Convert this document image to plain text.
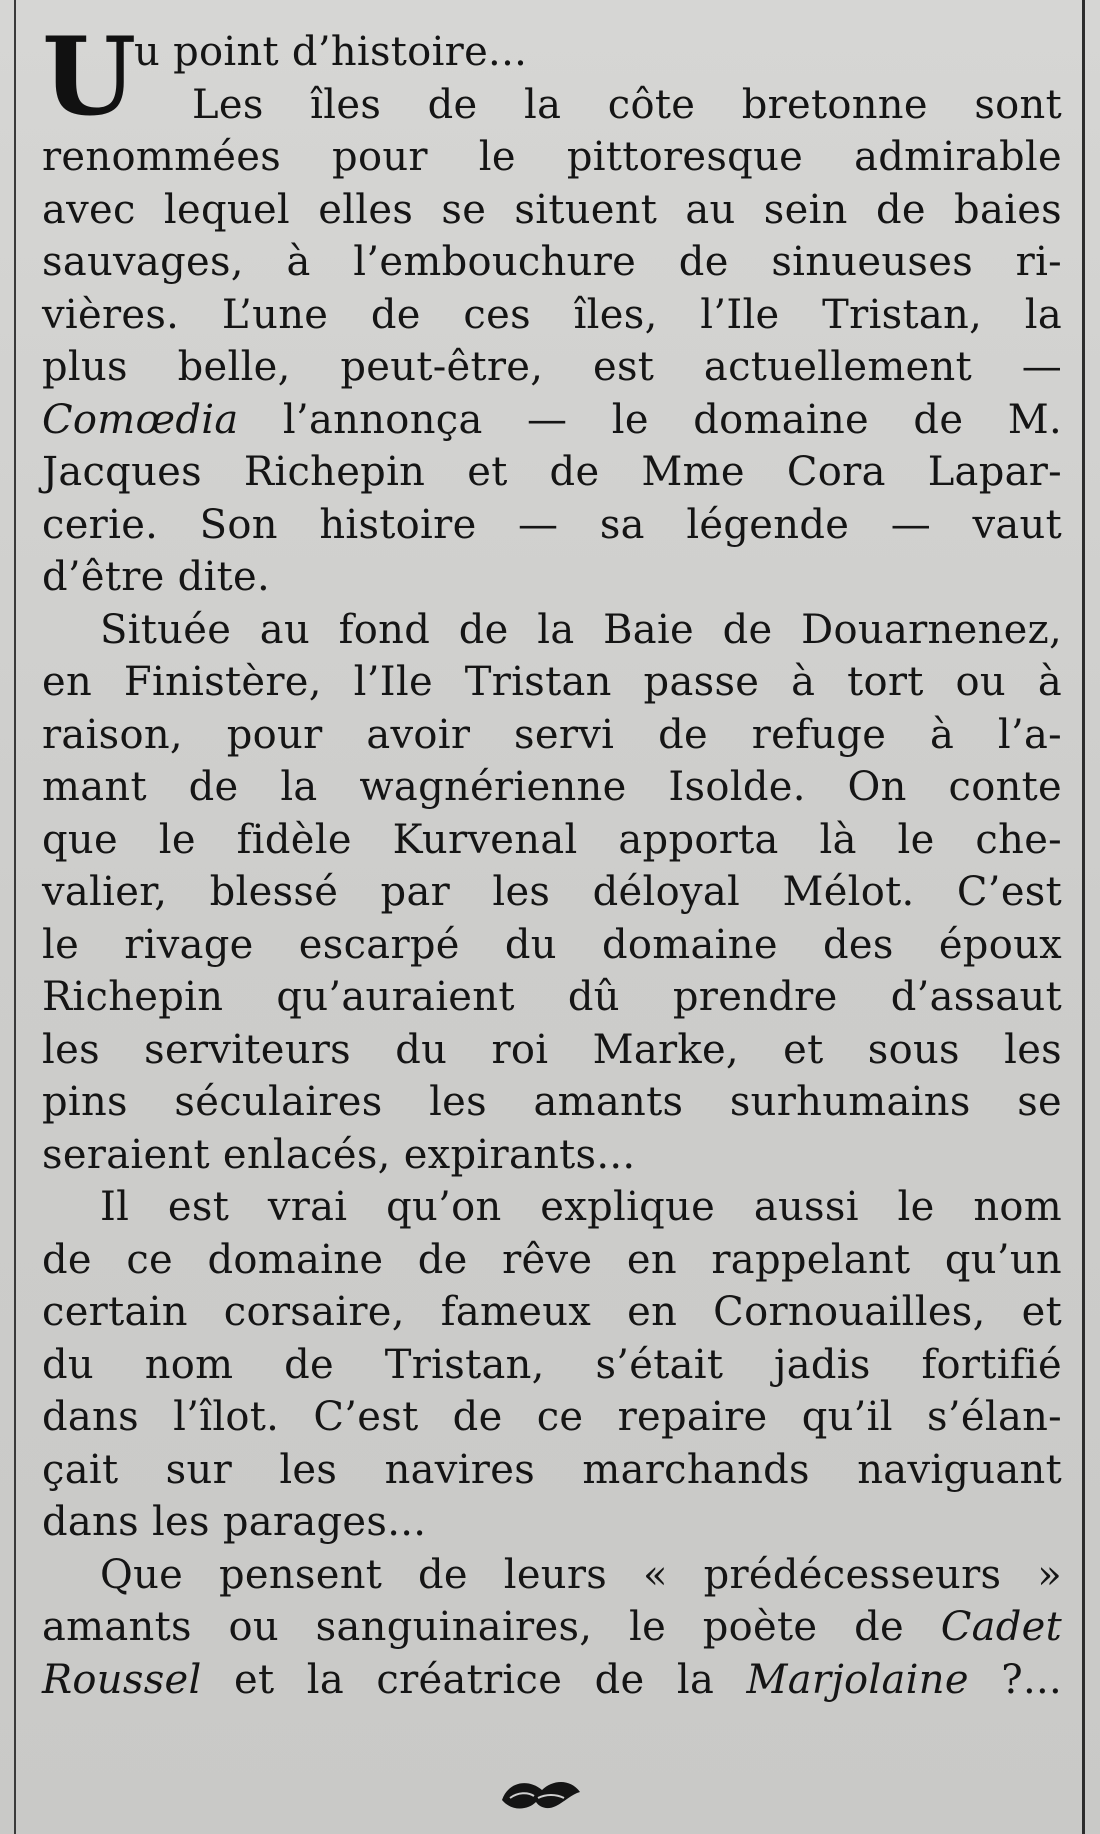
U
u point d’histoire...
Les îles de la côte bretonne sont
renommées pour le pittoresque admirable
avec lequel elles se situent au sein de baies
sauvages, à l’embouchure de sinueuses ri-
vières. L’une de ces îles, l’Ile Tristan, la
plus belle, peut-être, est actuellement —
Comœdia l’annonça — le domaine de M.
Jacques Richepin et de Mme Cora Lapar-
cerie. Son histoire — sa légende — vaut
d’être dite.
Située au fond de la Baie de Douarnenez,
en Finistère, l’Ile Tristan passe à tort ou à
raison, pour avoir servi de refuge à l’a-
mant de la wagnérienne Isolde. On conte
que le fidèle Kurvenal apporta là le che-
valier, blessé par les déloyal Mélot. C’est
le rivage escarpé du domaine des époux
Richepin qu’auraient dû prendre d’assaut
les serviteurs du roi Marke, et sous les
pins séculaires les amants surhumains se
seraient enlacés, expirants...
Il est vrai qu’on explique aussi le nom
de ce domaine de rêve en rappelant qu’un
certain corsaire, fameux en Cornouailles, et
du nom de Tristan, s’était jadis fortifié
dans l’îlot. C’est de ce repaire qu’il s’élan-
çait sur les navires marchands naviguant
dans les parages...
Que pensent de leurs « prédécesseurs »
amants ou sanguinaires, le poète de Cadet
Roussel et la créatrice de la Marjolaine ?...
